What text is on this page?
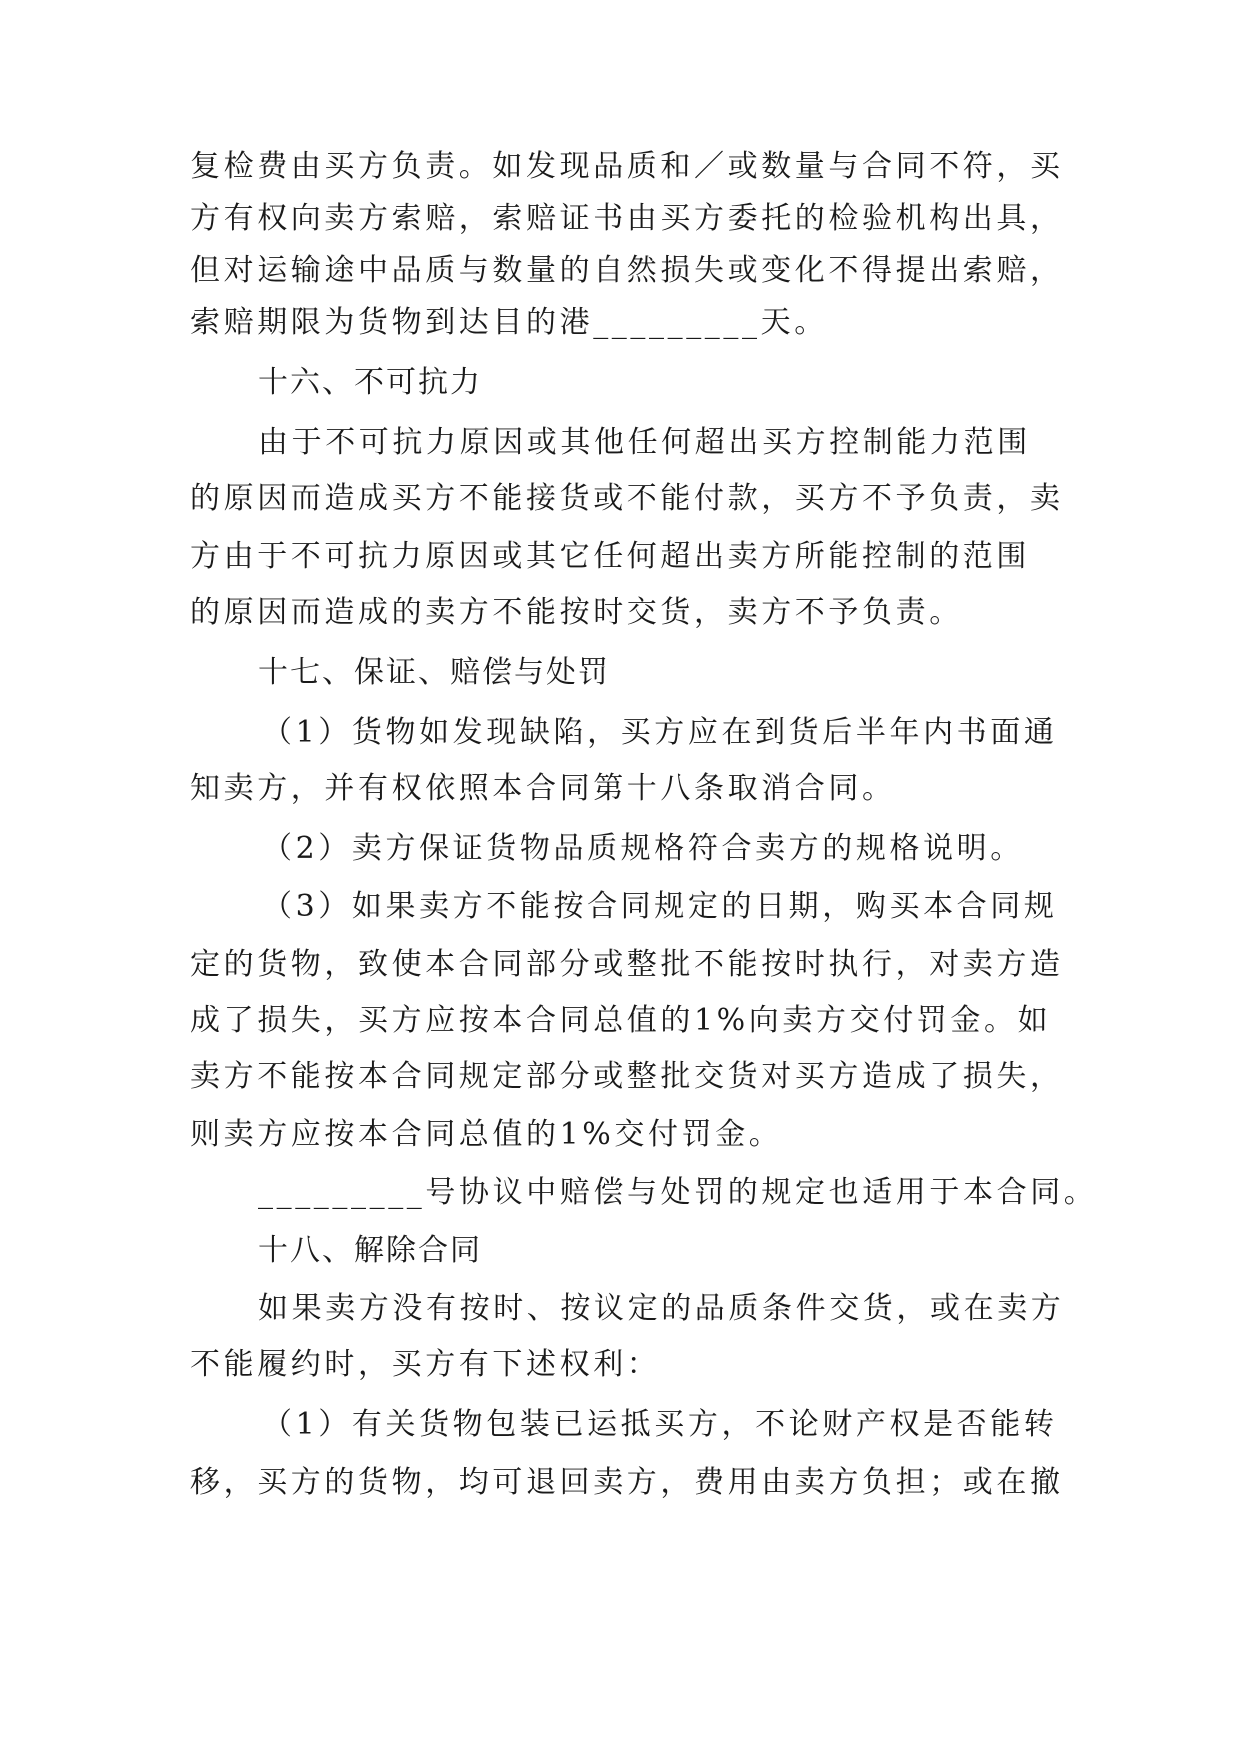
复检费由买方负责。如发现品质和／或数量与合同不符，买
方有权向卖方索赔，索赔证书由买方委托的检验机构出具，
但对运输途中品质与数量的自然损失或变化不得提出索赔，
索赔期限为货物到达目的港_________天。
十六、不可抗力
由于不可抗力原因或其他任何超出买方控制能力范围
的原因而造成买方不能接货或不能付款，买方不予负责，卖
方由于不可抗力原因或其它任何超出卖方所能控制的范围
的原因而造成的卖方不能按时交货，卖方不予负责。
十七、保证、赔偿与处罚
（1）货物如发现缺陷，买方应在到货后半年内书面通
知卖方，并有权依照本合同第十八条取消合同。
（2）卖方保证货物品质规格符合卖方的规格说明。
（3）如果卖方不能按合同规定的日期，购买本合同规
定的货物，致使本合同部分或整批不能按时执行，对卖方造
成了损失，买方应按本合同总值的1%向卖方交付罚金。如
卖方不能按本合同规定部分或整批交货对买方造成了损失，
则卖方应按本合同总值的1%交付罚金。
_________号协议中赔偿与处罚的规定也适用于本合同。
十八、解除合同
如果卖方没有按时、按议定的品质条件交货，或在卖方
不能履约时，买方有下述权利：
（1）有关货物包装已运抵买方，不论财产权是否能转
移，买方的货物，均可退回卖方，费用由卖方负担；或在撤
